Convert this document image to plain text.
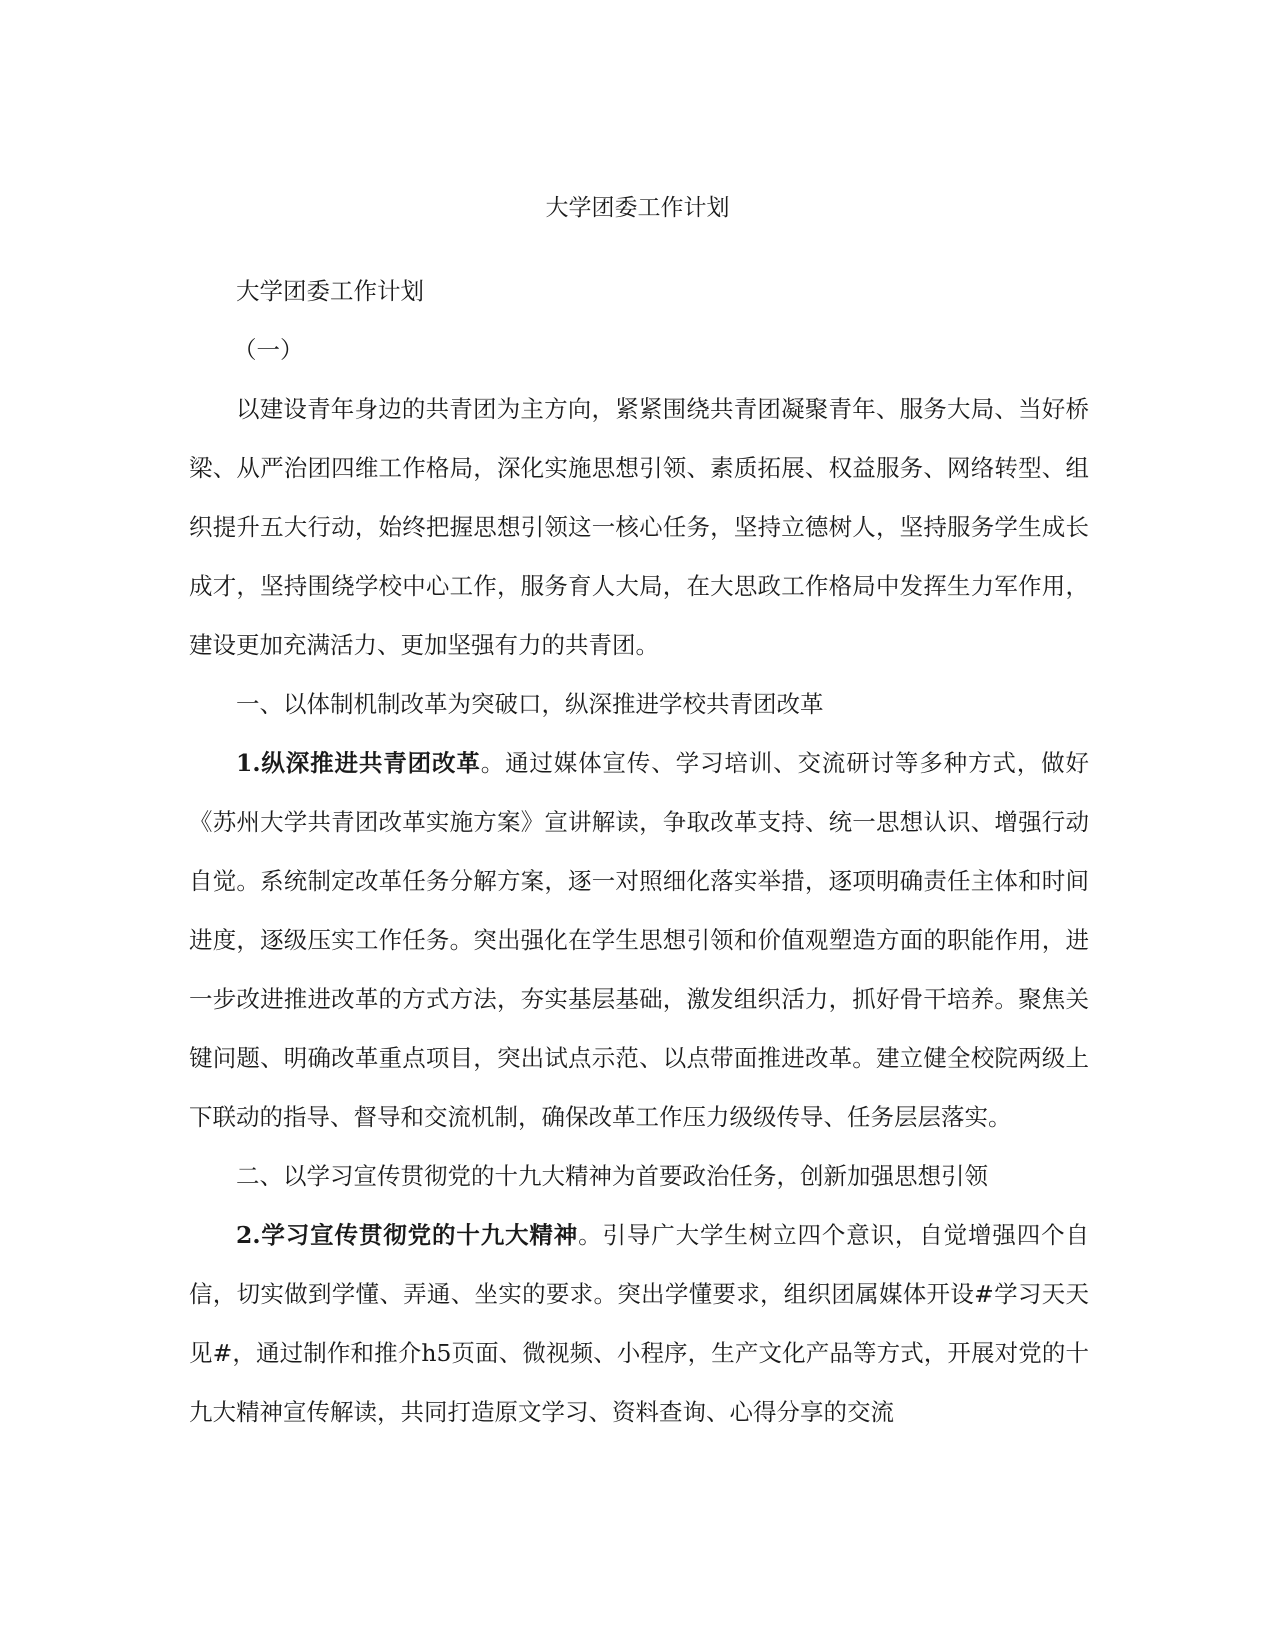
大学团委工作计划

大学团委工作计划

（一）

以建设青年身边的共青团为主方向，紧紧围绕共青团凝聚青年、服务大局、当好桥梁、从严治团四维工作格局，深化实施思想引领、素质拓展、权益服务、网络转型、组织提升五大行动，始终把握思想引领这一核心任务，坚持立德树人，坚持服务学生成长成才，坚持围绕学校中心工作，服务育人大局，在大思政工作格局中发挥生力军作用，建设更加充满活力、更加坚强有力的共青团。

一、以体制机制改革为突破口，纵深推进学校共青团改革

1.纵深推进共青团改革。通过媒体宣传、学习培训、交流研讨等多种方式，做好《苏州大学共青团改革实施方案》宣讲解读，争取改革支持、统一思想认识、增强行动自觉。系统制定改革任务分解方案，逐一对照细化落实举措，逐项明确责任主体和时间进度，逐级压实工作任务。突出强化在学生思想引领和价值观塑造方面的职能作用，进一步改进推进改革的方式方法，夯实基层基础，激发组织活力，抓好骨干培养。聚焦关键问题、明确改革重点项目，突出试点示范、以点带面推进改革。建立健全校院两级上下联动的指导、督导和交流机制，确保改革工作压力级级传导、任务层层落实。

二、以学习宣传贯彻党的十九大精神为首要政治任务，创新加强思想引领

2.学习宣传贯彻党的十九大精神。引导广大学生树立四个意识，自觉增强四个自信，切实做到学懂、弄通、坐实的要求。突出学懂要求，组织团属媒体开设#学习天天见#，通过制作和推介h5页面、微视频、小程序，生产文化产品等方式，开展对党的十九大精神宣传解读，共同打造原文学习、资料查询、心得分享的交流
